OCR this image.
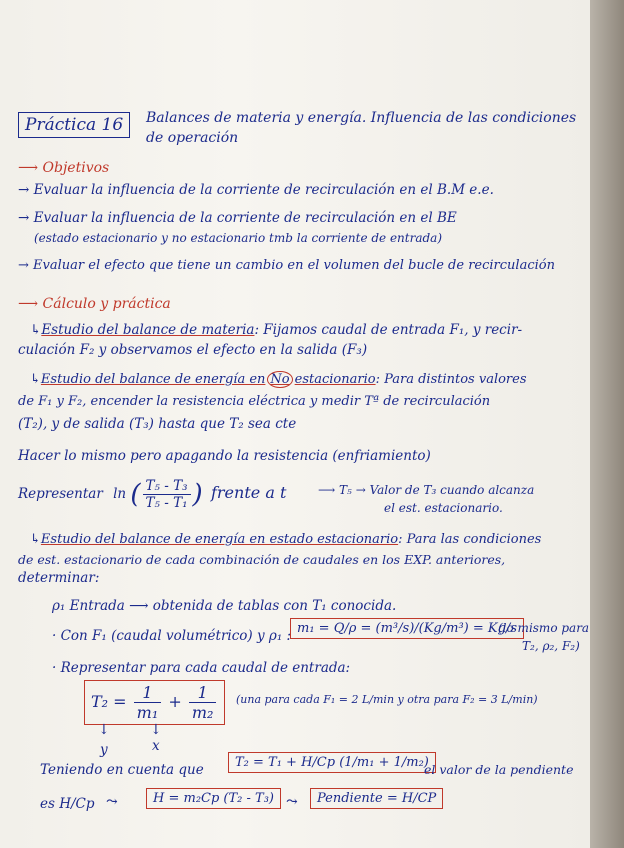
Práctica 16	Balances de materia y energía. Influencia de las condiciones
de operación
⟶ Objetivos
→ Evaluar la influencia de la corriente de recirculación en el B.M e.e.
→ Evaluar la influencia de la corriente de recirculación en el BE
(estado estacionario y no estacionario tmb la corriente de entrada)
→ Evaluar el efecto que tiene un cambio en el volumen del bucle de recirculación
⟶ Cálculo y práctica
↳Estudio del balance de materia: Fijamos caudal de entrada F₁, y recir-
culación F₂ y observamos el efecto en la salida (F₃)
↳Estudio del balance de energía en No estacionario: Para distintos valores
de F₁ y F₂, encender la resistencia eléctrica y medir Tª de recirculación
(T₂), y de salida (T₃) hasta que T₂ sea cte
Hacer lo mismo pero apagando la resistencia (enfriamiento)
Representar ln ( $\frac{\text{T₅ - T₃}}{\text{T₅ - T₁}}$ ) frente a t	⟶ T₅ → Valor de T₃ cuando alcanza
el est. estacionario.
↳Estudio del balance de energía en estado estacionario: Para las condiciones
de est. estacionario de cada combinación de caudales en los EXP. anteriores,
determinar:
ρ₁ Entrada ⟶ obtenida de tablas con T₁ conocida.
· Con F₁ (caudal volumétrico) y ρ₁ : m₁ = Q/ρ = (m³/s)/(Kg/m³) = Kg/s
(lo mismo para
T₂, ρ₂, F₂)
· Representar para cada caudal de entrada:
$T_2 = \frac{1}{\text{m₁}} + \frac{1}{\text{m₂}} (una$ para cada F₁ = 2 L/min y otra para F₂ = 3 L/min)
↓
y
↓
x
Teniendo en cuenta que	T₂ = T₁ + H/Cp (1/m₁ + 1/m₂)
el valor de la pendiente
es H/Cp ⤳	H = m₂Cp (T₂ - T₃) ⤳	Pendiente = H/CP
